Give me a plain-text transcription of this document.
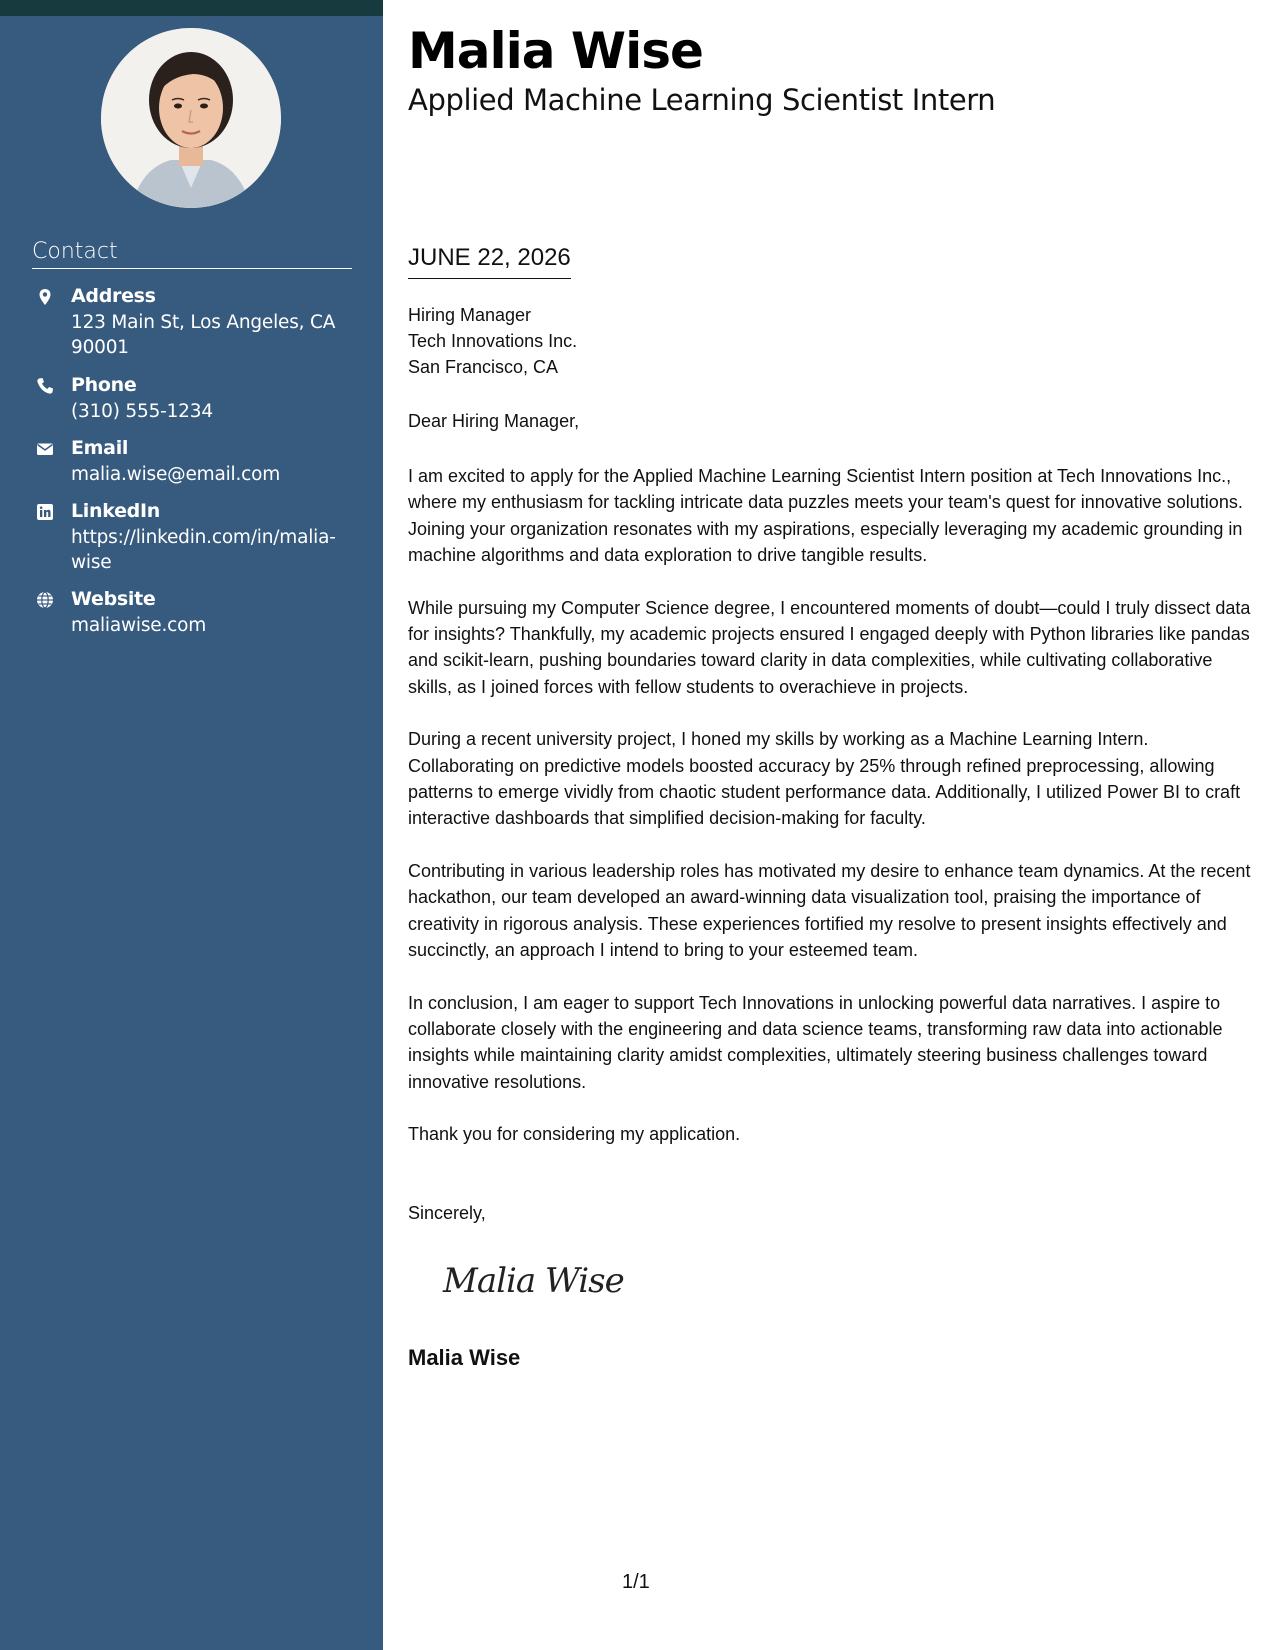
Contact
Address
123 Main St, Los Angeles, CA 90001
Phone
(310) 555-1234
Email
malia.wise@email.com
LinkedIn
https://linkedin.com/in/malia-wise
Website
maliawise.com
Malia Wise
Applied Machine Learning Scientist Intern
JUNE 22, 2026
Hiring Manager
Tech Innovations Inc.
San Francisco, CA
Dear Hiring Manager,

I am excited to apply for the Applied Machine Learning Scientist Intern position at Tech Innovations Inc., where my enthusiasm for tackling intricate data puzzles meets your team's quest for innovative solutions. Joining your organization resonates with my aspirations, especially leveraging my academic grounding in machine algorithms and data exploration to drive tangible results.

While pursuing my Computer Science degree, I encountered moments of doubt—could I truly dissect data for insights? Thankfully, my academic projects ensured I engaged deeply with Python libraries like pandas and scikit-learn, pushing boundaries toward clarity in data complexities, while cultivating collaborative skills, as I joined forces with fellow students to overachieve in projects.

During a recent university project, I honed my skills by working as a Machine Learning Intern. Collaborating on predictive models boosted accuracy by 25% through refined preprocessing, allowing patterns to emerge vividly from chaotic student performance data. Additionally, I utilized Power BI to craft interactive dashboards that simplified decision-making for faculty.

Contributing in various leadership roles has motivated my desire to enhance team dynamics. At the recent hackathon, our team developed an award-winning data visualization tool, praising the importance of creativity in rigorous analysis. These experiences fortified my resolve to present insights effectively and succinctly, an approach I intend to bring to your esteemed team.

In conclusion, I am eager to support Tech Innovations in unlocking powerful data narratives. I aspire to collaborate closely with the engineering and data science teams, transforming raw data into actionable insights while maintaining clarity amidst complexities, ultimately steering business challenges toward innovative resolutions.

Thank you for considering my application.

Sincerely,
Malia Wise
Malia Wise
1/1
